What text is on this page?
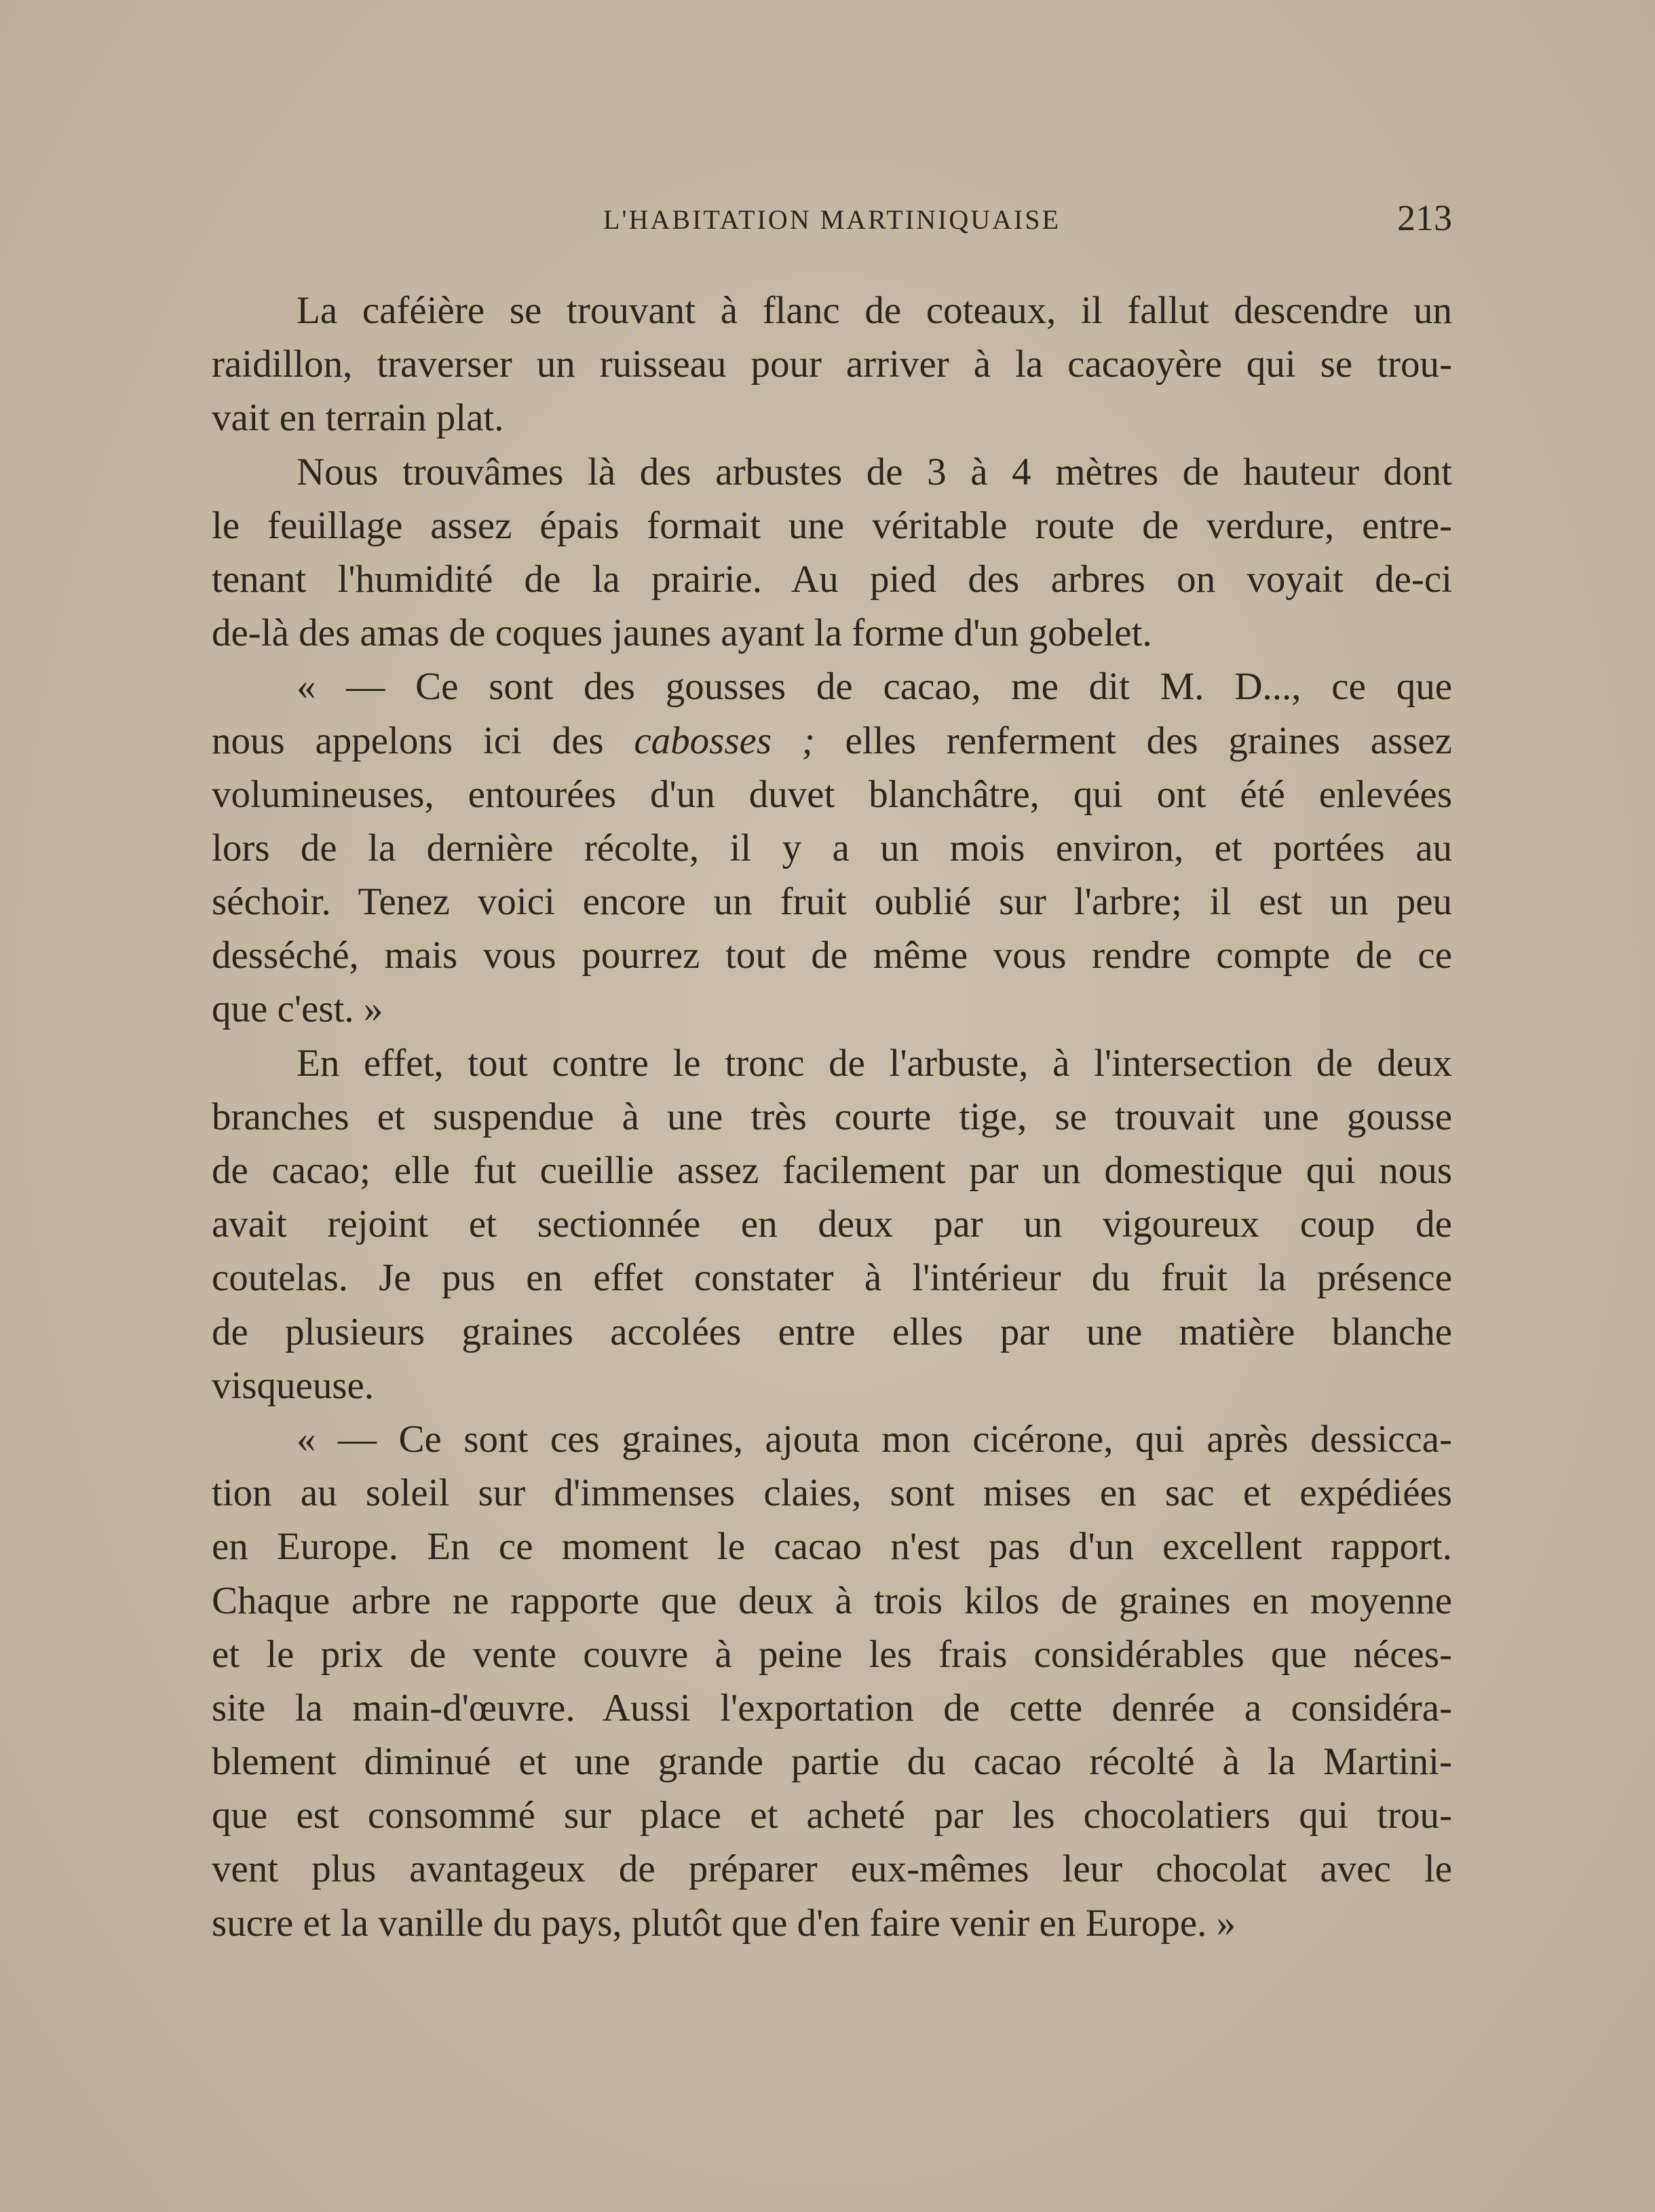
L'HABITATION MARTINIQUAISE	213
La caféière se trouvant à flanc de coteaux, il fallut descendre un
raidillon, traverser un ruisseau pour arriver à la cacaoyère qui se trou-
vait en terrain plat.
Nous trouvâmes là des arbustes de 3 à 4 mètres de hauteur dont
le feuillage assez épais formait une véritable route de verdure, entre-
tenant l'humidité de la prairie. Au pied des arbres on voyait de-ci
de-là des amas de coques jaunes ayant la forme d'un gobelet.
« — Ce sont des gousses de cacao, me dit M. D..., ce que
nous appelons ici des cabosses ; elles renferment des graines assez
volumineuses, entourées d'un duvet blanchâtre, qui ont été enlevées
lors de la dernière récolte, il y a un mois environ, et portées au
séchoir. Tenez voici encore un fruit oublié sur l'arbre; il est un peu
desséché, mais vous pourrez tout de même vous rendre compte de ce
que c'est. »
En effet, tout contre le tronc de l'arbuste, à l'intersection de deux
branches et suspendue à une très courte tige, se trouvait une gousse
de cacao; elle fut cueillie assez facilement par un domestique qui nous
avait rejoint et sectionnée en deux par un vigoureux coup de
coutelas. Je pus en effet constater à l'intérieur du fruit la présence
de plusieurs graines accolées entre elles par une matière blanche
visqueuse.
« — Ce sont ces graines, ajouta mon cicérone, qui après dessicca-
tion au soleil sur d'immenses claies, sont mises en sac et expédiées
en Europe. En ce moment le cacao n'est pas d'un excellent rapport.
Chaque arbre ne rapporte que deux à trois kilos de graines en moyenne
et le prix de vente couvre à peine les frais considérables que néces-
site la main-d'œuvre. Aussi l'exportation de cette denrée a considéra-
blement diminué et une grande partie du cacao récolté à la Martini-
que est consommé sur place et acheté par les chocolatiers qui trou-
vent plus avantageux de préparer eux-mêmes leur chocolat avec le
sucre et la vanille du pays, plutôt que d'en faire venir en Europe. »
